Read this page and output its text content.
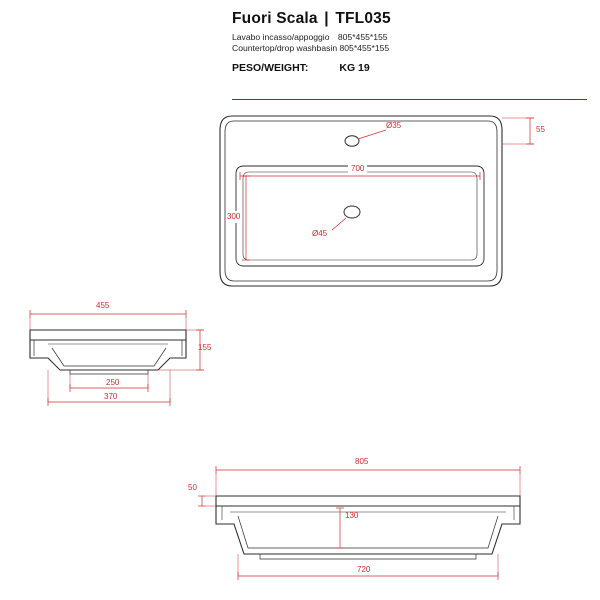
Fuori Scala | TFL035
Lavabo incasso/appoggio 805*455*155
Countertop/drop washbasin 805*455*155
PESO/WEIGHT:	KG 19
Ø35
Ø45
700
300
55
455
250
370
155
805
50
130
720
